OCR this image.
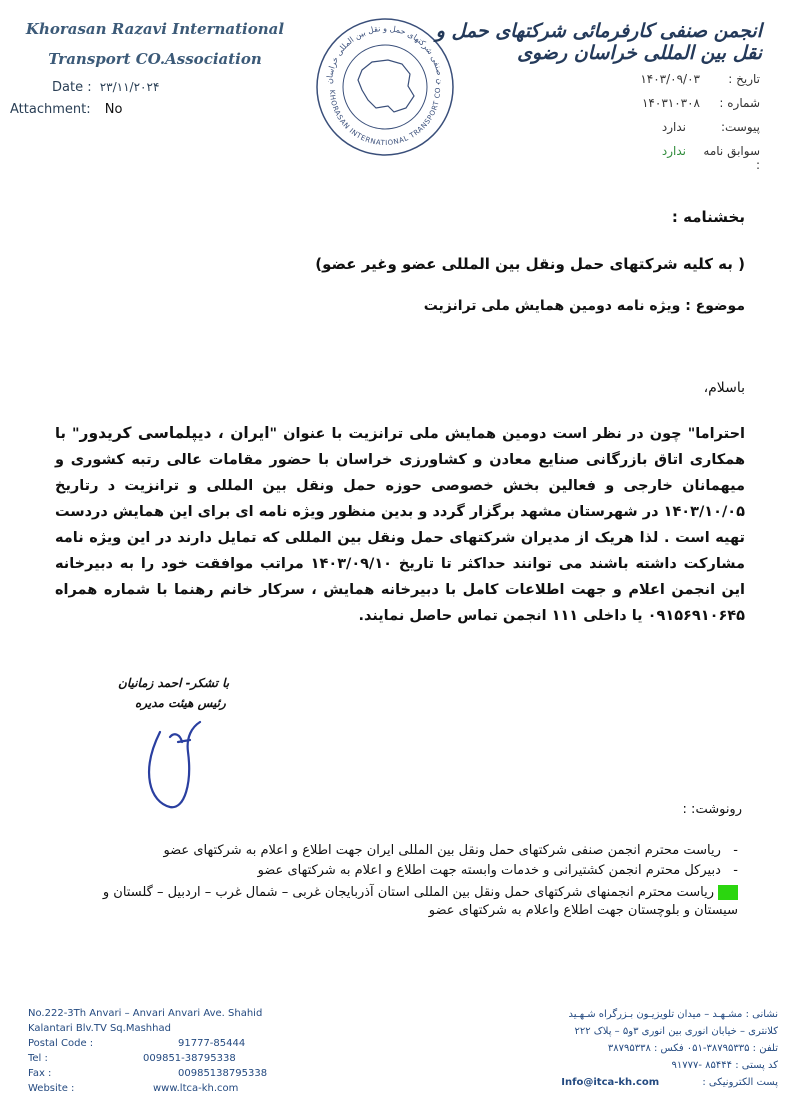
Khorasan Razavi International
Transport CO.Association
Date : ۲۳/۱۱/۲۰۲۴
Attachment: No
KHORASAN INTERNATIONAL TRANSPORT CO
ن صنفی شرکتهای حمل و نقل بین المللی خراسان
انجمن صنفی کارفرمائی شرکتهای حمل و نقل بین المللی خراسان رضوی
تاریخ :
۱۴۰۳/۰۹/۰۳
شماره :
۱۴۰۳۱۰۳۰۸
پیوست:
ندارد
سوابق نامه :
ندارد
بخشنامه :
( به کلیه شرکتهای حمل ونقل بین المللی عضو وغیر عضو)
موضوع : ویژه نامه دومین همایش ملی ترانزیت
باسلام،

احتراما" چون در نظر است دومین همایش ملی ترانزیت با عنوان "ایران ، دیپلماسی کریدور" با همکاری اتاق بازرگانی صنایع معادن و کشاورزی خراسان با حضور مقامات عالی رتبه کشوری و میهمانان خارجی و فعالین بخش خصوصی حوزه حمل ونقل بین المللی و ترانزیت د رتاریخ ۱۴۰۳/۱۰/۰۵ در شهرستان مشهد برگزار گردد و بدین منظور ویژه نامه ای برای این همایش دردست تهیه است . لذا هریک از مدیران شرکتهای حمل ونقل بین المللی که تمایل دارند در این ویژه نامه مشارکت داشته باشند می توانند حداکثر تا تاریخ ۱۴۰۳/۰۹/۱۰ مراتب موافقت خود را به دبیرخانه این انجمن اعلام و جهت اطلاعات کامل با دبیرخانه همایش ، سرکار خانم رهنما با شماره همراه ۰۹۱۵۶۹۱۰۶۴۵ یا داخلی ۱۱۱ انجمن تماس حاصل نمایند.

با تشکر- احمد زمانیان
رئیس هیئت مدیره
رونوشت: :
-   ریاست محترم انجمن صنفی شرکتهای حمل ونقل بین المللی ایران جهت اطلاع و اعلام به شرکتهای عضو
-   دبیرکل محترم انجمن کشتیرانی و خدمات وابسته جهت اطلاع و اعلام به شرکتهای عضو
ریاست محترم انجمنهای شرکتهای حمل ونقل بین المللی استان آذربایجان غربی – شمال غرب – اردبیل – گلستان و سیستان و بلوچستان جهت اطلاع واعلام به شرکتهای عضو
No.222-3Th Anvari – Anvari Anvari Ave. Shahid
Kalantari Blv.TV Sq.Mashhad
Postal Code :	91777-85444
Tel :	009851-38795338
Fax :	00985138795338
Website :	www.ltca-kh.com
نشانی : مشـهـد – میدان تلویزیـون بـزرگراه شـهـید
کلانتری – خیابان انوری بین انوری ۳و۵ – پلاک ۲۲۲
تلفن : ۳۸۷۹۵۳۳۵-۰۵۱ فکس : ۳۸۷۹۵۳۳۸
کد پستی : ۸۵۴۴۴ -۹۱۷۷۷
پست الکترونیکی : Info@itca-kh.com
